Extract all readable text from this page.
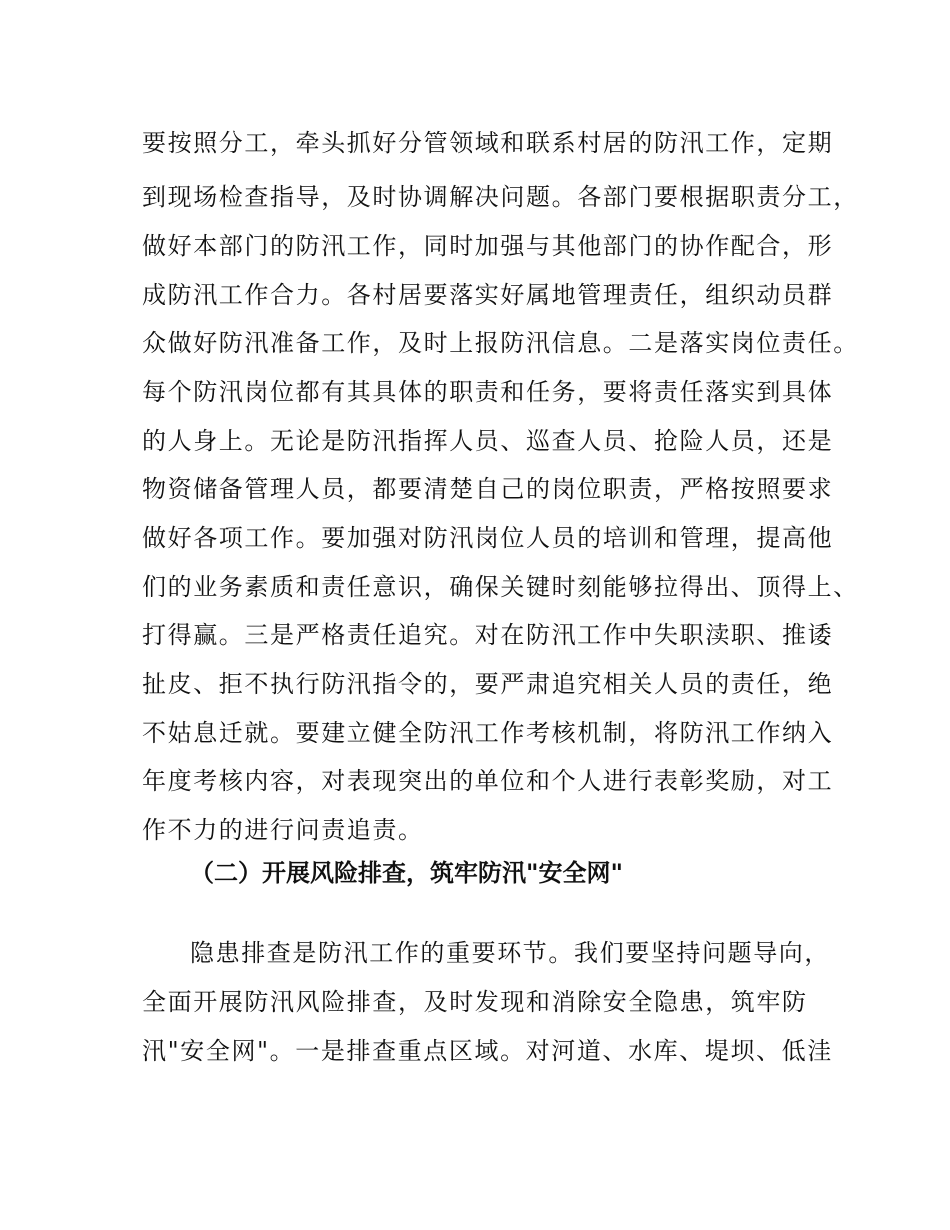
要按照分工，牵头抓好分管领域和联系村居的防汛工作，定期
到现场检查指导，及时协调解决问题。各部门要根据职责分工，
做好本部门的防汛工作，同时加强与其他部门的协作配合，形
成防汛工作合力。各村居要落实好属地管理责任，组织动员群
众做好防汛准备工作，及时上报防汛信息。二是落实岗位责任。
每个防汛岗位都有其具体的职责和任务，要将责任落实到具体
的人身上。无论是防汛指挥人员、巡查人员、抢险人员，还是
物资储备管理人员，都要清楚自己的岗位职责，严格按照要求
做好各项工作。要加强对防汛岗位人员的培训和管理，提高他
们的业务素质和责任意识，确保关键时刻能够拉得出、顶得上、
打得赢。三是严格责任追究。对在防汛工作中失职渎职、推诿
扯皮、拒不执行防汛指令的，要严肃追究相关人员的责任，绝
不姑息迁就。要建立健全防汛工作考核机制，将防汛工作纳入
年度考核内容，对表现突出的单位和个人进行表彰奖励，对工
作不力的进行问责追责。
（二）开展风险排查，筑牢防汛"安全网"
隐患排查是防汛工作的重要环节。我们要坚持问题导向，
全面开展防汛风险排查，及时发现和消除安全隐患，筑牢防
汛"安全网"。一是排查重点区域。对河道、水库、堤坝、低洼
